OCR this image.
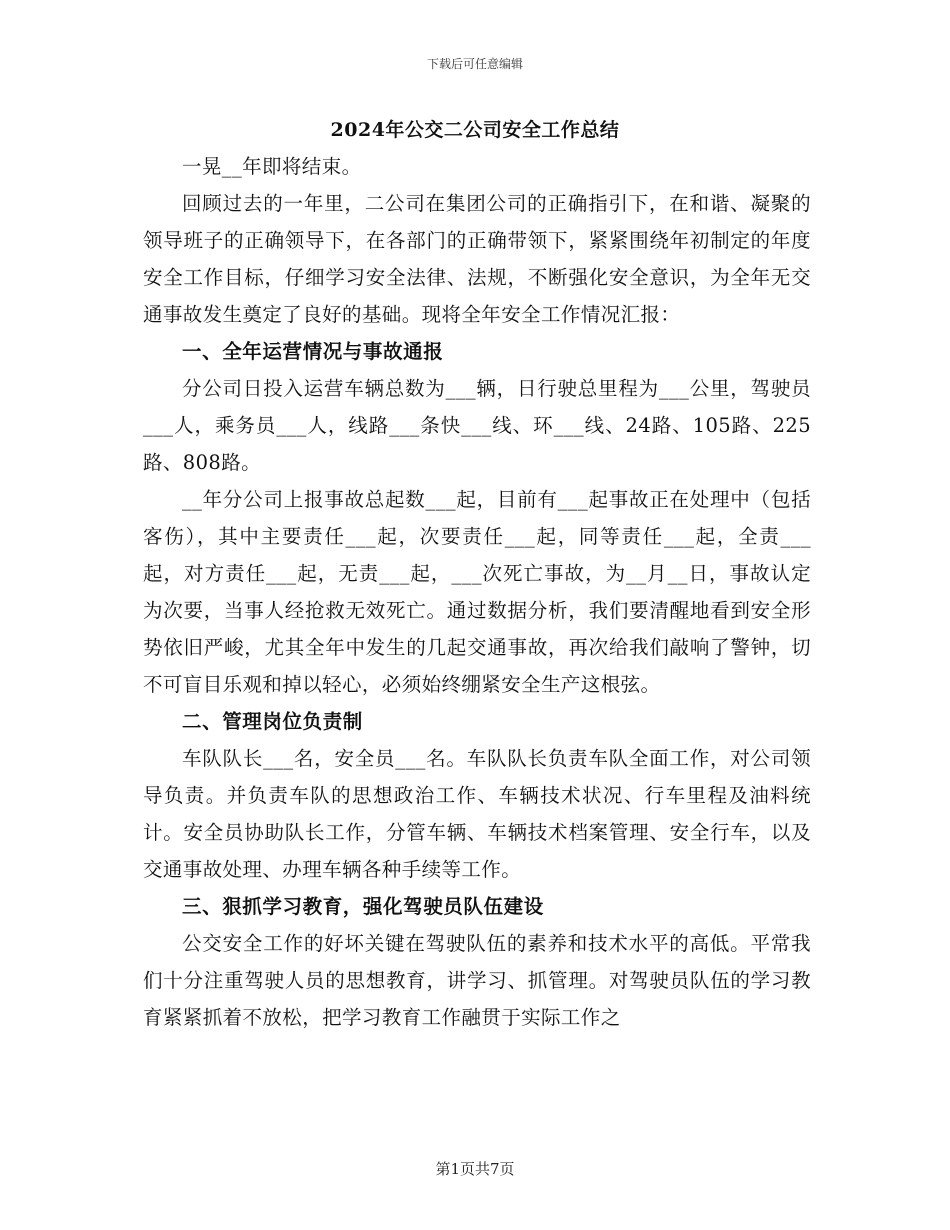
下载后可任意编辑
2024年公交二公司安全工作总结

一晃__年即将结束。

回顾过去的一年里，二公司在集团公司的正确指引下，在和谐、凝聚的领导班子的正确领导下，在各部门的正确带领下，紧紧围绕年初制定的年度安全工作目标，仔细学习安全法律、法规，不断强化安全意识，为全年无交通事故发生奠定了良好的基础。现将全年安全工作情况汇报：

一、全年运营情况与事故通报

分公司日投入运营车辆总数为___辆，日行驶总里程为___公里，驾驶员___人，乘务员___人，线路___条快___线、环___线、24路、105路、225路、808路。

__年分公司上报事故总起数___起，目前有___起事故正在处理中（包括客伤），其中主要责任___起，次要责任___起，同等责任___起，全责___起，对方责任___起，无责___起，___次死亡事故，为__月__日，事故认定为次要，当事人经抢救无效死亡。通过数据分析，我们要清醒地看到安全形势依旧严峻，尤其全年中发生的几起交通事故，再次给我们敲响了警钟，切不可盲目乐观和掉以轻心，必须始终绷紧安全生产这根弦。

二、管理岗位负责制

车队队长___名，安全员___名。车队队长负责车队全面工作，对公司领导负责。并负责车队的思想政治工作、车辆技术状况、行车里程及油料统计。安全员协助队长工作，分管车辆、车辆技术档案管理、安全行车，以及交通事故处理、办理车辆各种手续等工作。

三、狠抓学习教育，强化驾驶员队伍建设

公交安全工作的好坏关键在驾驶队伍的素养和技术水平的高低。平常我们十分注重驾驶人员的思想教育，讲学习、抓管理。对驾驶员队伍的学习教育紧紧抓着不放松，把学习教育工作融贯于实际工作之

第1页共7页
